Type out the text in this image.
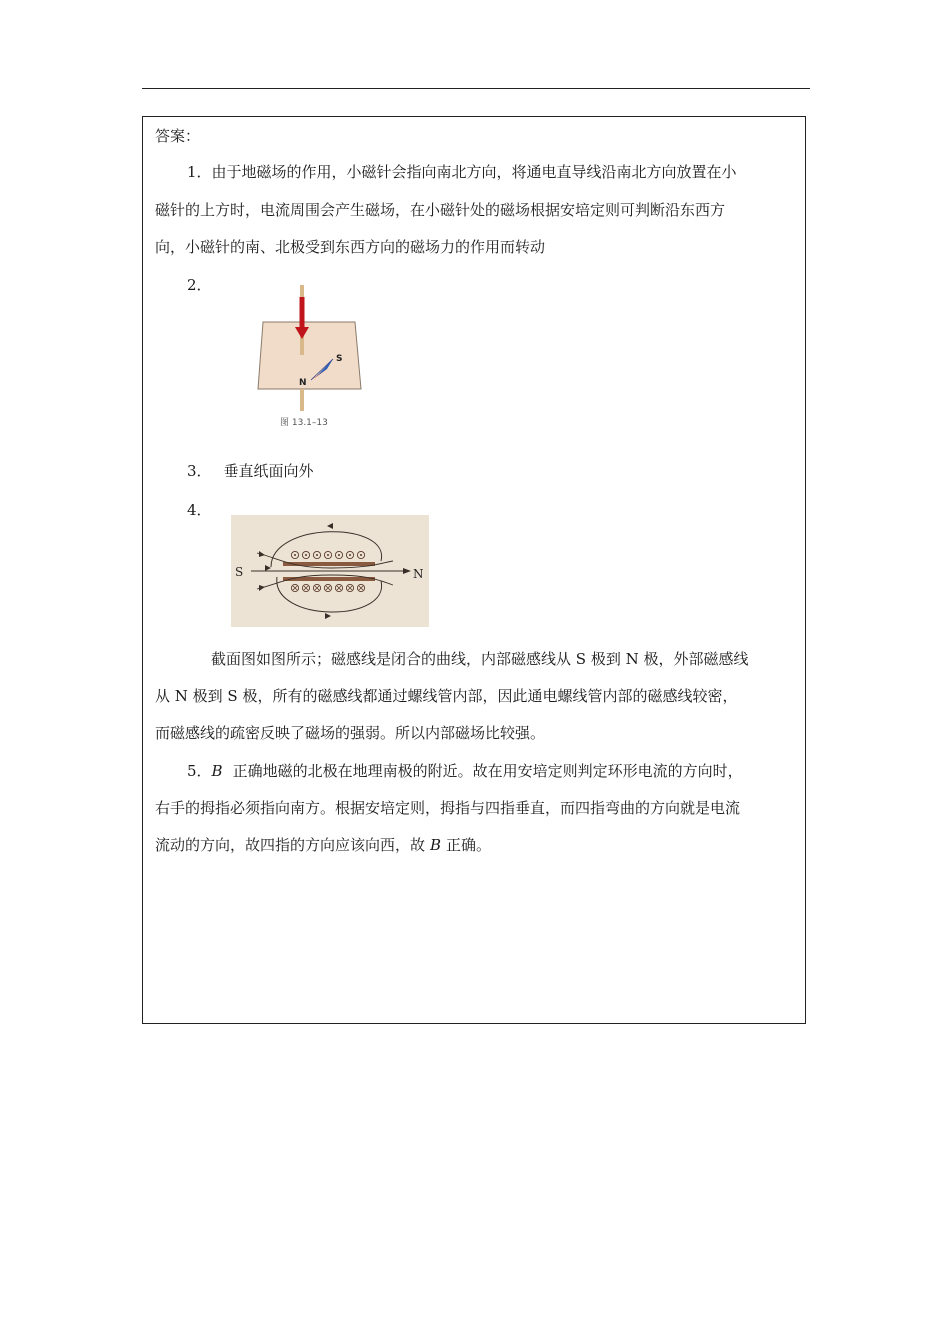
答案：
1．由于地磁场的作用，小磁针会指向南北方向，将通电直导线沿南北方向放置在小
磁针的上方时，电流周围会产生磁场，在小磁针处的磁场根据安培定则可判断沿东西方
向，小磁针的南、北极受到东西方向的磁场力的作用而转动
2．
S
N
图 13.1–13
3． 垂直纸面向外
4．
S	N
截面图如图所示；磁感线是闭合的曲线，内部磁感线从 S 极到 N 极，外部磁感线
从 N 极到 S 极，所有的磁感线都通过螺线管内部，因此通电螺线管内部的磁感线较密，
而磁感线的疏密反映了磁场的强弱。所以内部磁场比较强。
5．B 正确地磁的北极在地理南极的附近。故在用安培定则判定环形电流的方向时，
右手的拇指必须指向南方。根据安培定则，拇指与四指垂直，而四指弯曲的方向就是电流
流动的方向，故四指的方向应该向西，故 B 正确。
